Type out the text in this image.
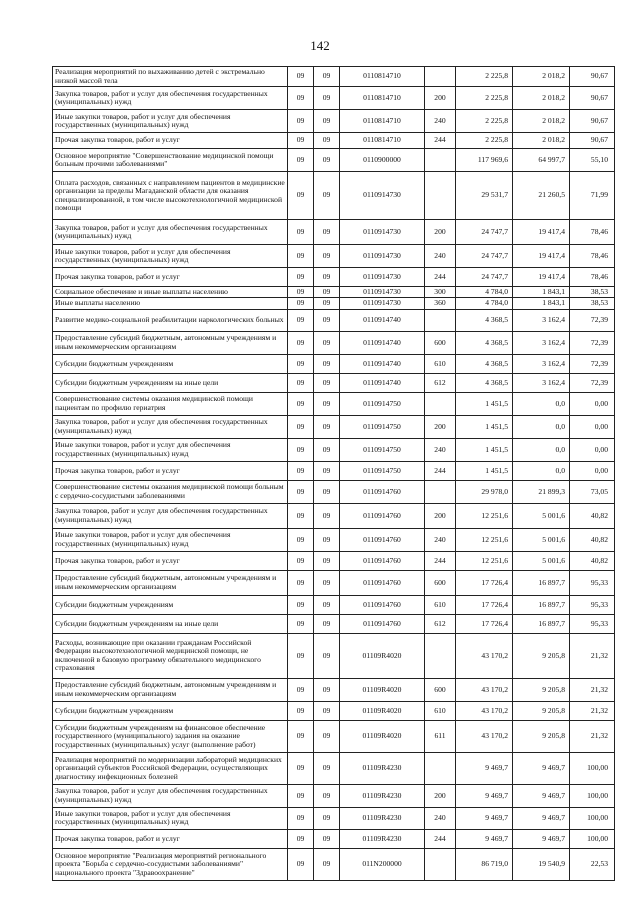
142
Реализация мероприятий по выхаживанию детей с экстремально низкой массой тела	09	09	0110814710		2 225,8	2 018,2	90,67
Закупка товаров, работ и услуг для обеспечения государственных (муниципальных) нужд	09	09	0110814710	200	2 225,8	2 018,2	90,67
Иные закупки товаров, работ и услуг для обеспечения государственных (муниципальных) нужд	09	09	0110814710	240	2 225,8	2 018,2	90,67
Прочая закупка товаров, работ и услуг	09	09	0110814710	244	2 225,8	2 018,2	90,67
Основное мероприятие "Совершенствование медицинской помощи больным прочими заболеваниями"	09	09	0110900000		117 969,6	64 997,7	55,10
Оплата расходов, связанных с направлением пациентов в медицинские организации за пределы Магаданской области для оказания специализированной, в том числе высокотехнологичной медицинской помощи	09	09	0110914730		29 531,7	21 260,5	71,99
Закупка товаров, работ и услуг для обеспечения государственных (муниципальных) нужд	09	09	0110914730	200	24 747,7	19 417,4	78,46
Иные закупки товаров, работ и услуг для обеспечения государственных (муниципальных) нужд	09	09	0110914730	240	24 747,7	19 417,4	78,46
Прочая закупка товаров, работ и услуг	09	09	0110914730	244	24 747,7	19 417,4	78,46
Социальное обеспечение и иные выплаты населению	09	09	0110914730	300	4 784,0	1 843,1	38,53
Иные выплаты населению	09	09	0110914730	360	4 784,0	1 843,1	38,53
Развитие медико-социальной реабилитации наркологических больных	09	09	0110914740		4 368,5	3 162,4	72,39
Предоставление субсидий бюджетным, автономным учреждениям и иным некоммерческим организациям	09	09	0110914740	600	4 368,5	3 162,4	72,39
Субсидии бюджетным учреждениям	09	09	0110914740	610	4 368,5	3 162,4	72,39
Субсидии бюджетным учреждениям на иные цели	09	09	0110914740	612	4 368,5	3 162,4	72,39
Совершенствование системы оказания медицинской помощи пациентам по профилю гериатрия	09	09	0110914750		1 451,5	0,0	0,00
Закупка товаров, работ и услуг для обеспечения государственных (муниципальных) нужд	09	09	0110914750	200	1 451,5	0,0	0,00
Иные закупки товаров, работ и услуг для обеспечения государственных (муниципальных) нужд	09	09	0110914750	240	1 451,5	0,0	0,00
Прочая закупка товаров, работ и услуг	09	09	0110914750	244	1 451,5	0,0	0,00
Совершенствование системы оказания медицинской помощи больным с сердечно-сосудистыми заболеваниями	09	09	0110914760		29 978,0	21 899,3	73,05
Закупка товаров, работ и услуг для обеспечения государственных (муниципальных) нужд	09	09	0110914760	200	12 251,6	5 001,6	40,82
Иные закупки товаров, работ и услуг для обеспечения государственных (муниципальных) нужд	09	09	0110914760	240	12 251,6	5 001,6	40,82
Прочая закупка товаров, работ и услуг	09	09	0110914760	244	12 251,6	5 001,6	40,82
Предоставление субсидий бюджетным, автономным учреждениям и иным некоммерческим организациям	09	09	0110914760	600	17 726,4	16 897,7	95,33
Субсидии бюджетным учреждениям	09	09	0110914760	610	17 726,4	16 897,7	95,33
Субсидии бюджетным учреждениям на иные цели	09	09	0110914760	612	17 726,4	16 897,7	95,33
Расходы, возникающие при оказании гражданам Российской Федерации высокотехнологичной медицинской помощи, не включенной в базовую программу обязательного медицинского страхования	09	09	01109R4020		43 170,2	9 205,8	21,32
Предоставление субсидий бюджетным, автономным учреждениям и иным некоммерческим организациям	09	09	01109R4020	600	43 170,2	9 205,8	21,32
Субсидии бюджетным учреждениям	09	09	01109R4020	610	43 170,2	9 205,8	21,32
Субсидии бюджетным учреждениям на финансовое обеспечение государственного (муниципального) задания на оказание государственных (муниципальных) услуг (выполнение работ)	09	09	01109R4020	611	43 170,2	9 205,8	21,32
Реализация мероприятий по модернизации лабораторий медицинских организаций субъектов Российской Федерации, осуществляющих диагностику инфекционных болезней	09	09	01109R4230		9 469,7	9 469,7	100,00
Закупка товаров, работ и услуг для обеспечения государственных (муниципальных) нужд	09	09	01109R4230	200	9 469,7	9 469,7	100,00
Иные закупки товаров, работ и услуг для обеспечения государственных (муниципальных) нужд	09	09	01109R4230	240	9 469,7	9 469,7	100,00
Прочая закупка товаров, работ и услуг	09	09	01109R4230	244	9 469,7	9 469,7	100,00
Основное мероприятие "Реализация мероприятий регионального проекта "Борьба с сердечно-сосудистыми заболеваниями" национального проекта "Здравоохранение"	09	09	011N200000		86 719,0	19 540,9	22,53
